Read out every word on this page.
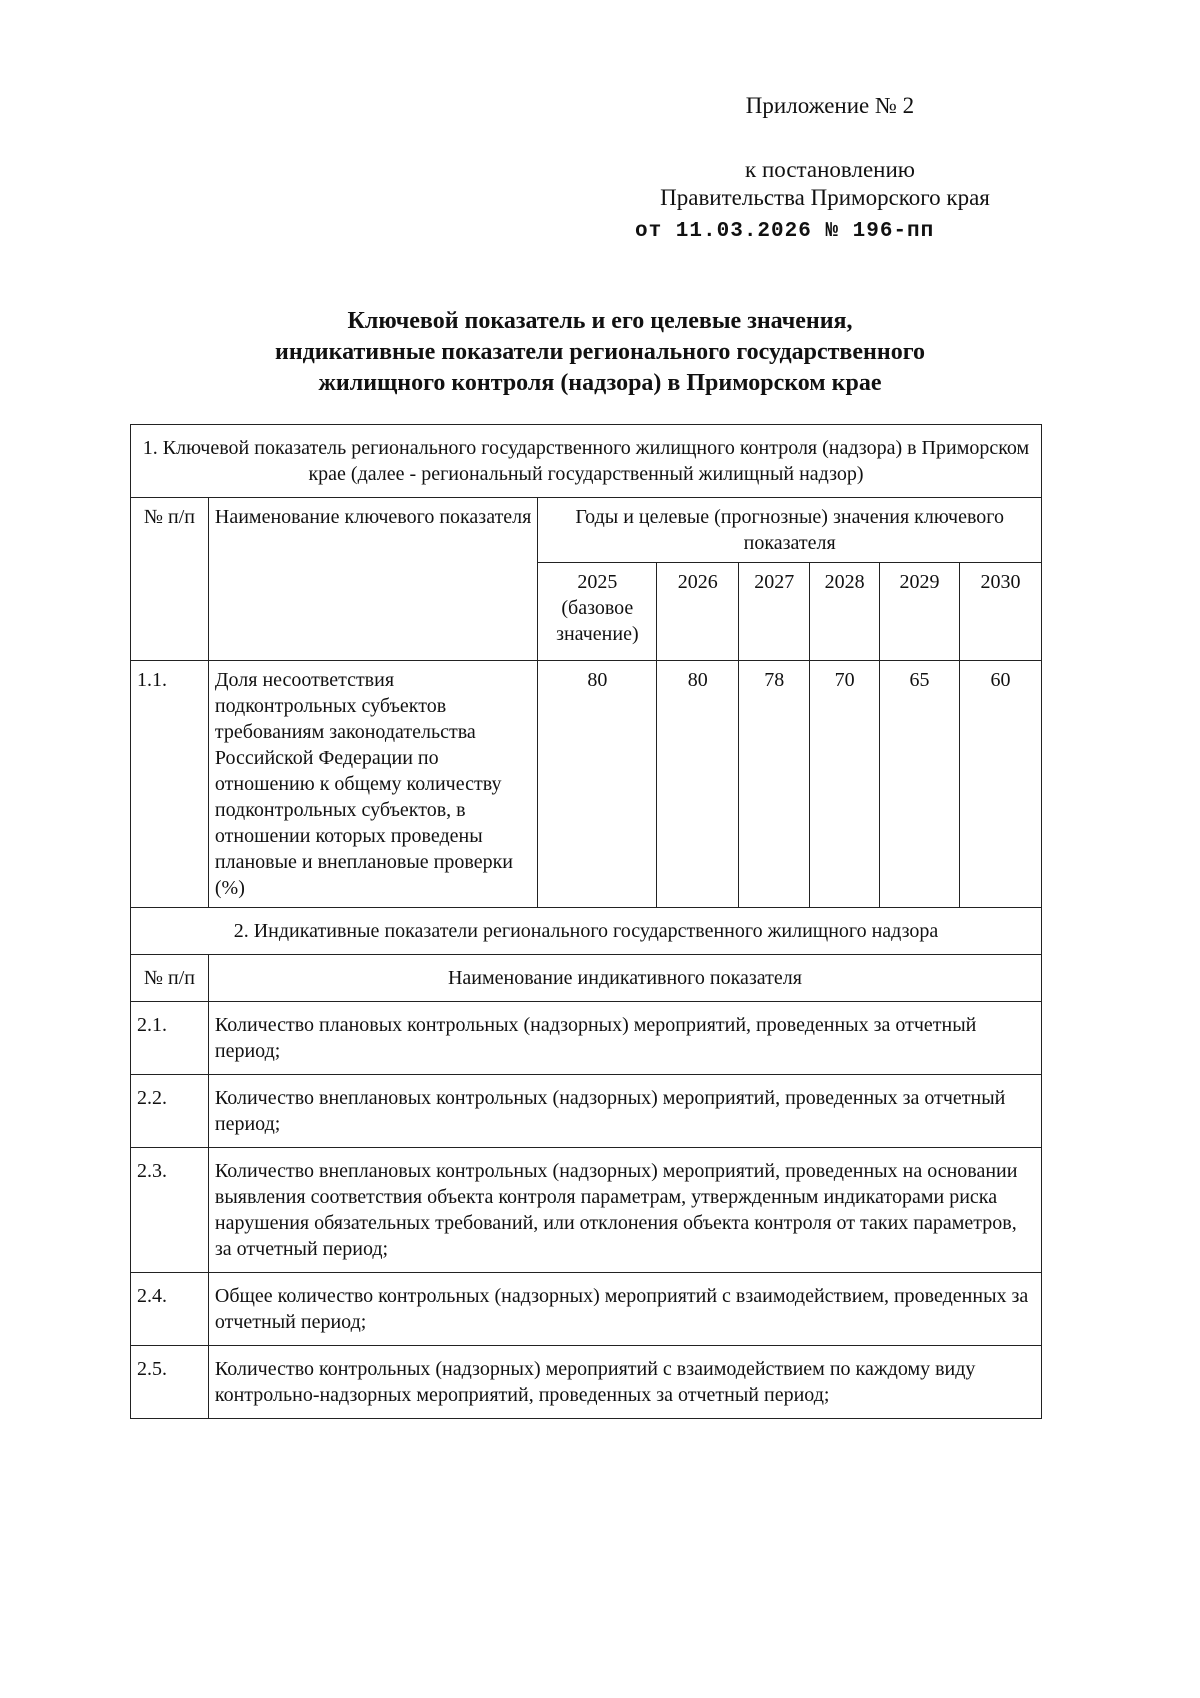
Приложение № 2
к постановлению
Правительства Приморского края
от 11.03.2026 № 196-пп
Ключевой показатель и его целевые значения,
индикативные показатели регионального государственного
жилищного контроля (надзора) в Приморском крае
1. Ключевой показатель регионального государственного жилищного контроля (надзора) в Приморском крае (далее - региональный государственный жилищный надзор)							
№ п/п	Наименование ключевого показателя	Годы и целевые (прогнозные) значения ключевого показателя					
		2025 (базовое значение)	2026	2027	2028	2029	2030
1.1.	Доля несоответствия подконтрольных субъектов требованиям законодательства Российской Федерации по отношению к общему количеству подконтрольных субъектов, в отношении которых проведены плановые и внеплановые проверки (%)	80	80	78	70	65	60
2. Индикативные показатели регионального государственного жилищного надзора							
№ п/п	Наименование индикативного показателя						
2.1.	Количество плановых контрольных (надзорных) мероприятий, проведенных за отчетный период;						
2.2.	Количество внеплановых контрольных (надзорных) мероприятий, проведенных за отчетный период;						
2.3.	Количество внеплановых контрольных (надзорных) мероприятий, проведенных на основании выявления соответствия объекта контроля параметрам, утвержденным индикаторами риска нарушения обязательных требований, или отклонения объекта контроля от таких параметров, за отчетный период;						
2.4.	Общее количество контрольных (надзорных) мероприятий с взаимодействием, проведенных за отчетный период;						
2.5.	Количество контрольных (надзорных) мероприятий с взаимодействием по каждому виду контрольно-надзорных мероприятий, проведенных за отчетный период;						
